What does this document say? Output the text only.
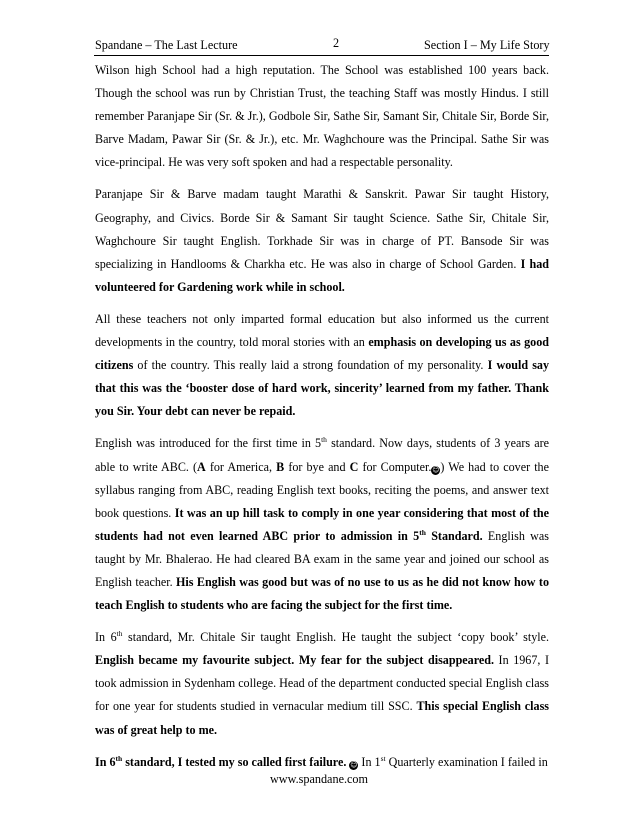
Spandane – The Last Lecture	2	Section I – My Life Story

Wilson high School had a high reputation. The School was established 100 years back. Though the school was run by Christian Trust, the teaching Staff was mostly Hindus. I still remember Paranjape Sir (Sr. & Jr.), Godbole Sir, Sathe Sir, Samant Sir, Chitale Sir, Borde Sir, Barve Madam, Pawar Sir (Sr. & Jr.), etc. Mr. Waghchoure was the Principal. Sathe Sir was vice-principal. He was very soft spoken and had a respectable personality.

Paranjape Sir & Barve madam taught Marathi & Sanskrit. Pawar Sir taught History, Geography, and Civics. Borde Sir & Samant Sir taught Science. Sathe Sir, Chitale Sir, Waghchoure Sir taught English. Torkhade Sir was in charge of PT. Bansode Sir was specializing in Handlooms & Charkha etc. He was also in charge of School Garden. I had volunteered for Gardening work while in school.

All these teachers not only imparted formal education but also informed us the current developments in the country, told moral stories with an emphasis on developing us as good citizens of the country. This really laid a strong foundation of my personality. I would say that this was the ‘booster dose of hard work, sincerity’ learned from my father. Thank you Sir. Your debt can never be repaid.

English was introduced for the first time in 5th standard. Now days, students of 3 years are able to write ABC. (A for America, B for bye and C for Computer.☺) We had to cover the syllabus ranging from ABC, reading English text books, reciting the poems, and answer text book questions. It was an up hill task to comply in one year considering that most of the students had not even learned ABC prior to admission in 5th Standard. English was taught by Mr. Bhalerao. He had cleared BA exam in the same year and joined our school as English teacher. His English was good but was of no use to us as he did not know how to teach English to students who are facing the subject for the first time.

In 6th standard, Mr. Chitale Sir taught English. He taught the subject ‘copy book’ style. English became my favourite subject. My fear for the subject disappeared. In 1967, I took admission in Sydenham college. Head of the department conducted special English class for one year for students studied in vernacular medium till SSC. This special English class was of great help to me.

In 6th standard, I tested my so called first failure. ☺ In 1st Quarterly examination I failed in

www.spandane.com
